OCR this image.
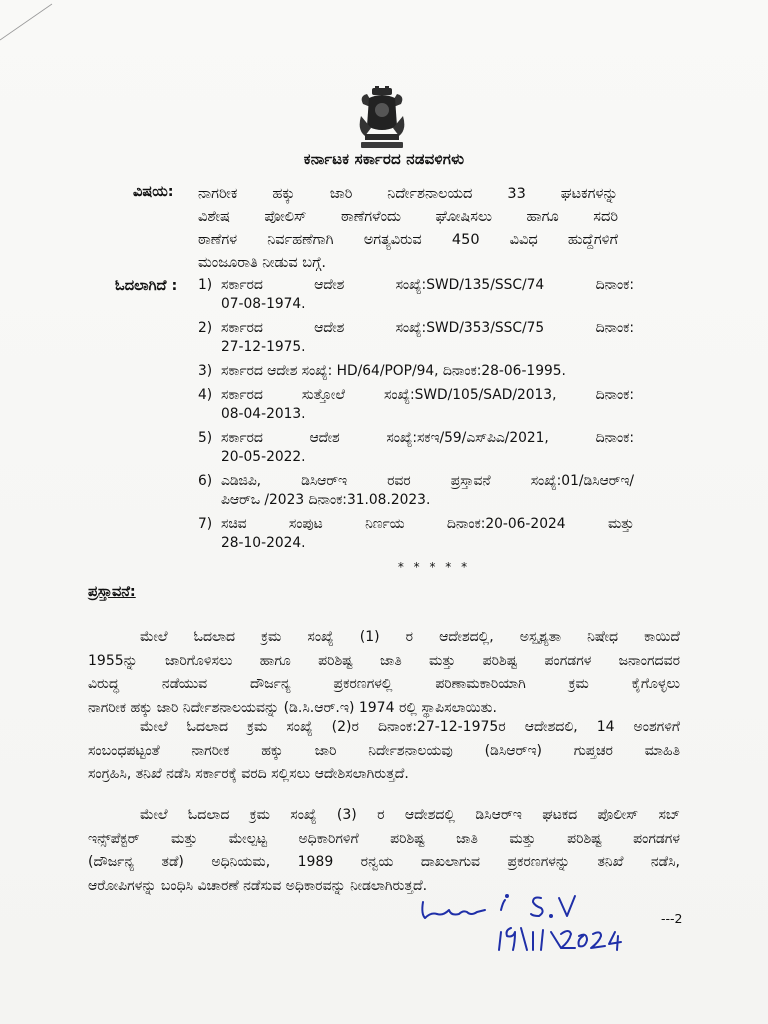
ಕರ್ನಾಟಕ ಸರ್ಕಾರದ ನಡವಳಿಗಳು
ವಿಷಯ: ನಾಗರೀಕ ಹಕ್ಕು ಜಾರಿ ನಿರ್ದೇಶನಾಲಯದ 33 ಘಟಕಗಳನ್ನು
ವಿಶೇಷ ಪೋಲಿಸ್ ಠಾಣೆಗಳೆಂದು ಘೋಷಿಸಲು ಹಾಗೂ ಸದರಿ
ಠಾಣೆಗಳ ನಿರ್ವಹಣೆಗಾಗಿ ಅಗತ್ಯವಿರುವ 450 ವಿವಿಧ ಹುದ್ದೆಗಳಿಗೆ
ಮಂಜೂರಾತಿ ನೀಡುವ ಬಗ್ಗೆ.
ಓದಲಾಗಿದೆ : 1) ಸರ್ಕಾರದ ಆದೇಶ ಸಂಖ್ಯೆ:SWD/135/SSC/74 ದಿನಾಂಕ:
07-08-1974.
2) ಸರ್ಕಾರದ ಆದೇಶ ಸಂಖ್ಯೆ:SWD/353/SSC/75 ದಿನಾಂಕ:
27-12-1975.
3) ಸರ್ಕಾರದ ಆದೇಶ ಸಂಖ್ಯೆ: HD/64/POP/94, ದಿನಾಂಕ:28-06-1995.
4) ಸರ್ಕಾರದ ಸುತ್ತೋಲೆ ಸಂಖ್ಯೆ:SWD/105/SAD/2013, ದಿನಾಂಕ:
08-04-2013.
5) ಸರ್ಕಾರದ ಆದೇಶ ಸಂಖ್ಯೆ:ಸಕಇ/59/ಎಸ್‌ಪಿಎ/2021, ದಿನಾಂಕ:
20-05-2022.
6) ಎಡಿಜಿಪಿ, ಡಿಸಿಆರ್‌ಇ ರವರ ಪ್ರಸ್ತಾವನೆ ಸಂಖ್ಯೆ:01/ಡಿಸಿಆರ್‌ಇ/
ಪಿಆರ್‌ಒ /2023 ದಿನಾಂಕ:31.08.2023.
7) ಸಚಿವ ಸಂಪುಟ ನಿರ್ಣಯ ದಿನಾಂಕ:20-06-2024 ಮತ್ತು
28-10-2024.
* * * * *
ಪ್ರಸ್ತಾವನೆ:
ಮೇಲೆ ಓದಲಾದ ಕ್ರಮ ಸಂಖ್ಯೆ (1) ರ ಆದೇಶದಲ್ಲಿ, ಅಸ್ಪೃಶ್ಯತಾ ನಿಷೇಧ ಕಾಯಿದೆ
1955ನ್ನು ಜಾರಿಗೊಳಿಸಲು ಹಾಗೂ ಪರಿಶಿಷ್ಟ ಜಾತಿ ಮತ್ತು ಪರಿಶಿಷ್ಟ ಪಂಗಡಗಳ ಜನಾಂಗದವರ
ವಿರುದ್ಧ ನಡೆಯುವ ದೌರ್ಜನ್ಯ ಪ್ರಕರಣಗಳಲ್ಲಿ ಪರಿಣಾಮಕಾರಿಯಾಗಿ ಕ್ರಮ ಕೈಗೊಳ್ಳಲು
ನಾಗರೀಕ ಹಕ್ಕು ಜಾರಿ ನಿರ್ದೇಶನಾಲಯವನ್ನು (ಡಿ.ಸಿ.ಆರ್.ಇ) 1974 ರಲ್ಲಿ ಸ್ಥಾಪಿಸಲಾಯಿತು.
ಮೇಲೆ ಓದಲಾದ ಕ್ರಮ ಸಂಖ್ಯೆ (2)ರ ದಿನಾಂಕ:27-12-1975ರ ಆದೇಶದಲಿ, 14 ಅಂಶಗಳಿಗೆ
ಸಂಬಂಧಪಟ್ಟಂತೆ ನಾಗರೀಕ ಹಕ್ಕು ಜಾರಿ ನಿರ್ದೇಶನಾಲಯವು (ಡಿಸಿಆರ್‌ಇ) ಗುಪ್ತಚರ ಮಾಹಿತಿ
ಸಂಗ್ರಹಿಸಿ, ತನಿಖೆ ನಡೆಸಿ ಸರ್ಕಾರಕ್ಕೆ ವರದಿ ಸಲ್ಲಿಸಲು ಆದೇಶಿಸಲಾಗಿರುತ್ತದೆ.
ಮೇಲೆ ಓದಲಾದ ಕ್ರಮ ಸಂಖ್ಯೆ (3) ರ ಆದೇಶದಲ್ಲಿ ಡಿಸಿಆರ್‌ಇ ಘಟಕದ ಪೊಲೀಸ್ ಸಬ್
ಇನ್ಸ್‌ಪೆಕ್ಟರ್ ಮತ್ತು ಮೇಲ್ಪಟ್ಟ ಅಧಿಕಾರಿಗಳಿಗೆ ಪರಿಶಿಷ್ಟ ಜಾತಿ ಮತ್ತು ಪರಿಶಿಷ್ಟ ಪಂಗಡಗಳ
(ದೌರ್ಜನ್ಯ ತಡೆ) ಅಧಿನಿಯಮ, 1989 ರನ್ವಯ ದಾಖಲಾಗುವ ಪ್ರಕರಣಗಳನ್ನು ತನಿಖೆ ನಡೆಸಿ,
ಆರೋಪಿಗಳನ್ನು ಬಂಧಿಸಿ ವಿಚಾರಣೆ ನಡೆಸುವ ಅಧಿಕಾರವನ್ನು ನೀಡಲಾಗಿರುತ್ತದೆ.
S.V
19/11/2024
---2
